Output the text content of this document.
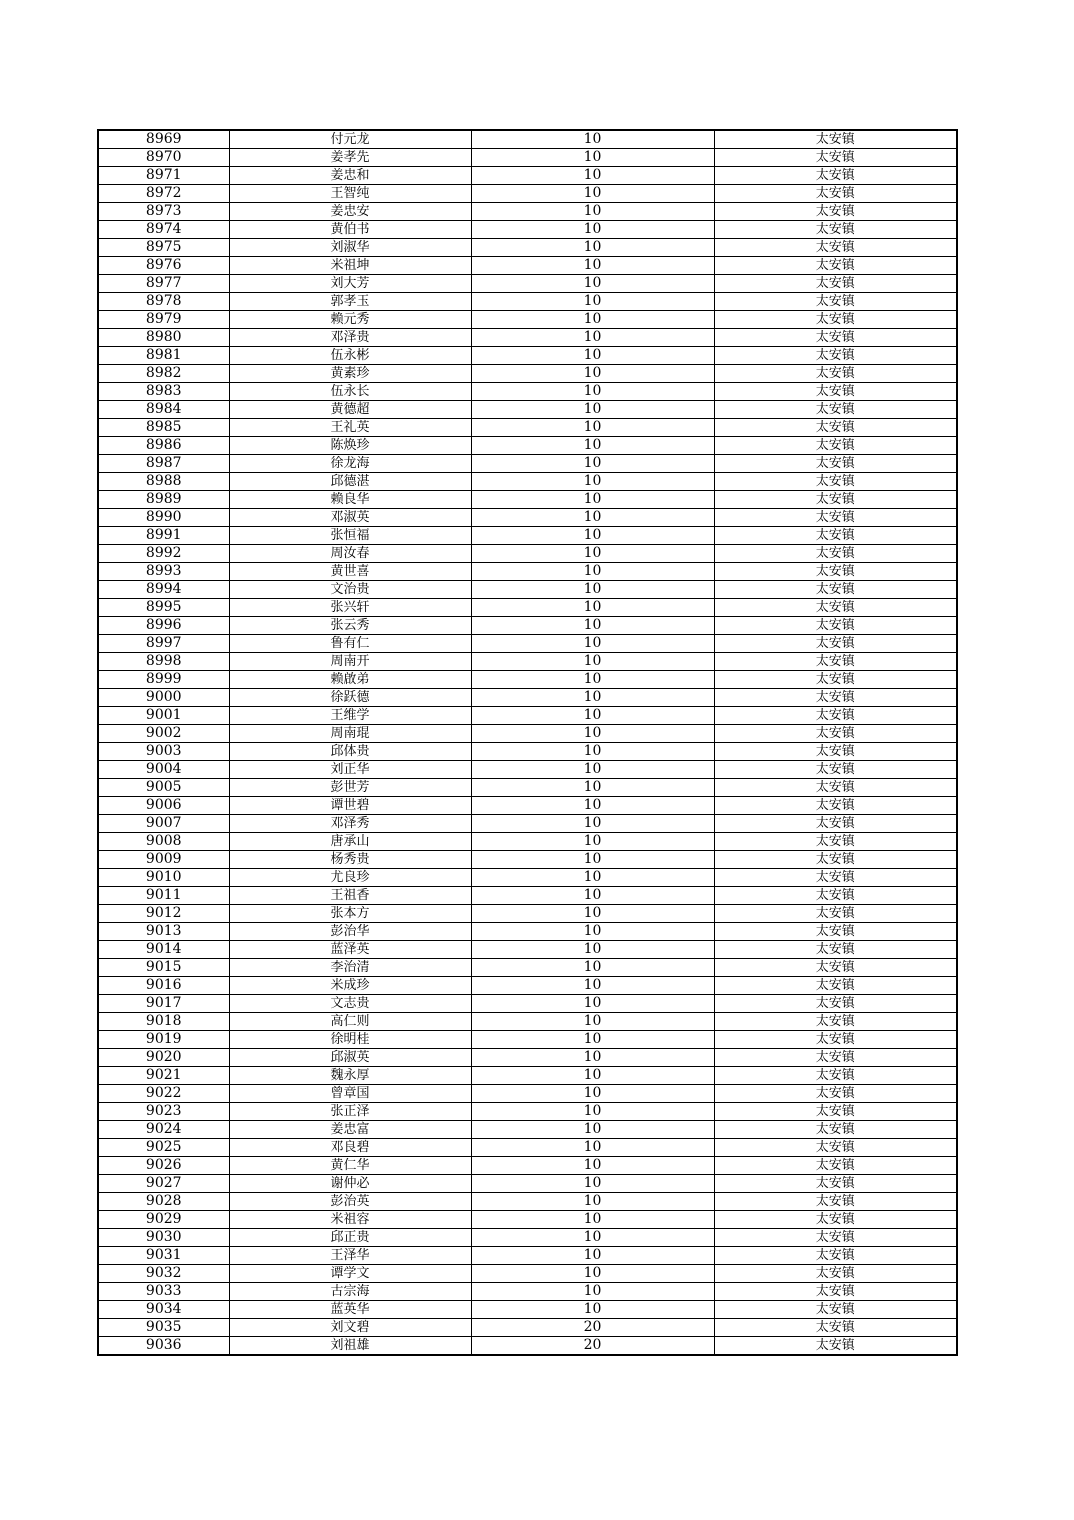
8969	付元龙	10	太安镇
8970	姜孝先	10	太安镇
8971	姜忠和	10	太安镇
8972	王智纯	10	太安镇
8973	姜忠安	10	太安镇
8974	黄伯书	10	太安镇
8975	刘淑华	10	太安镇
8976	米祖坤	10	太安镇
8977	刘大芳	10	太安镇
8978	郭孝玉	10	太安镇
8979	赖元秀	10	太安镇
8980	邓泽贵	10	太安镇
8981	伍永彬	10	太安镇
8982	黄素珍	10	太安镇
8983	伍永长	10	太安镇
8984	黄德超	10	太安镇
8985	王礼英	10	太安镇
8986	陈焕珍	10	太安镇
8987	徐龙海	10	太安镇
8988	邱德湛	10	太安镇
8989	赖良华	10	太安镇
8990	邓淑英	10	太安镇
8991	张恒福	10	太安镇
8992	周汝春	10	太安镇
8993	黄世喜	10	太安镇
8994	文治贵	10	太安镇
8995	张兴轩	10	太安镇
8996	张云秀	10	太安镇
8997	鲁有仁	10	太安镇
8998	周南开	10	太安镇
8999	赖啟弟	10	太安镇
9000	徐跃德	10	太安镇
9001	王维学	10	太安镇
9002	周南琨	10	太安镇
9003	邱体贵	10	太安镇
9004	刘正华	10	太安镇
9005	彭世芳	10	太安镇
9006	谭世碧	10	太安镇
9007	邓泽秀	10	太安镇
9008	唐承山	10	太安镇
9009	杨秀贵	10	太安镇
9010	尤良珍	10	太安镇
9011	王祖香	10	太安镇
9012	张本方	10	太安镇
9013	彭治华	10	太安镇
9014	蓝泽英	10	太安镇
9015	李治清	10	太安镇
9016	米成珍	10	太安镇
9017	文志贵	10	太安镇
9018	高仁则	10	太安镇
9019	徐明桂	10	太安镇
9020	邱淑英	10	太安镇
9021	魏永厚	10	太安镇
9022	曾章国	10	太安镇
9023	张正泽	10	太安镇
9024	姜忠富	10	太安镇
9025	邓良碧	10	太安镇
9026	黄仁华	10	太安镇
9027	谢仲必	10	太安镇
9028	彭治英	10	太安镇
9029	米祖容	10	太安镇
9030	邱正贵	10	太安镇
9031	王泽华	10	太安镇
9032	谭学文	10	太安镇
9033	古宗海	10	太安镇
9034	蓝英华	10	太安镇
9035	刘文碧	20	太安镇
9036	刘祖雄	20	太安镇
